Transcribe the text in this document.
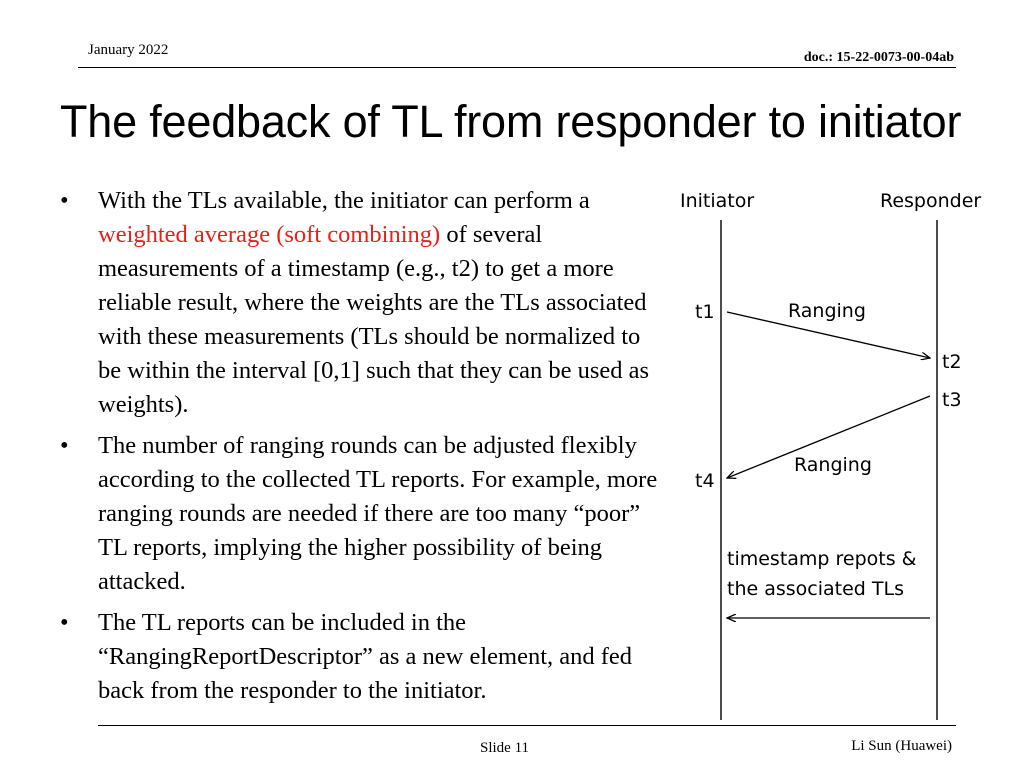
January 2022	doc.: 15-22-0073-00-04ab
The feedback of TL from responder to initiator
•	With the TLs available, the initiator can perform a weighted average (soft combining) of several measurements of a timestamp (e.g., t2) to get a more reliable result, where the weights are the TLs associated with these measurements (TLs should be normalized to be within the interval [0,1] such that they can be used as weights).
•	The number of ranging rounds can be adjusted flexibly according to the collected TL reports. For example, more ranging rounds are needed if there are too many “poor” TL reports, implying the higher possibility of being attacked.
•	The TL reports can be included in the “RangingReportDescriptor” as a new element, and fed back from the responder to the initiator.
Initiator	Responder
t1	Ranging
t2
t3
Ranging
t4
timestamp repots &
the associated TLs
Slide 11	Li Sun (Huawei)
